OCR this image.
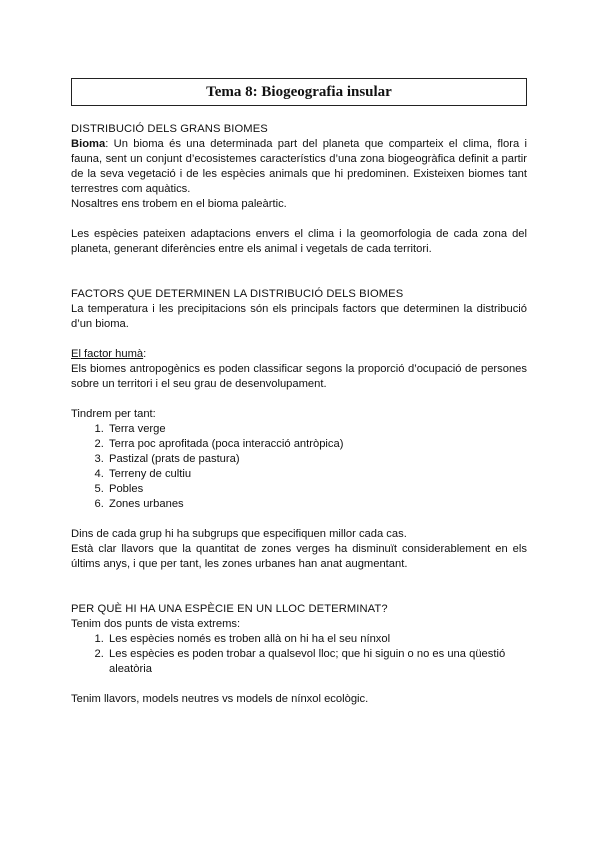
Tema 8: Biogeografia insular
DISTRIBUCIÓ DELS GRANS BIOMES

Bioma: Un bioma és una determinada part del planeta que comparteix el clima, flora i fauna, sent un conjunt d’ecosistemes característics d’una zona biogeogràfica definit a partir de la seva vegetació i de les espècies animals que hi predominen. Existeixen biomes tant terrestres com aquàtics.

Nosaltres ens trobem en el bioma paleàrtic.

Les espècies pateixen adaptacions envers el clima i la geomorfologia de cada zona del planeta, generant diferències entre els animal i vegetals de cada territori.

FACTORS QUE DETERMINEN LA DISTRIBUCIÓ DELS BIOMES

La temperatura i les precipitacions són els principals factors que determinen la distribució d’un bioma.

El factor humà:

Els biomes antropogènics es poden classificar segons la proporció d’ocupació de persones sobre un territori i el seu grau de desenvolupament.

Tindrem per tant:

1. Terra verge
2. Terra poc aprofitada (poca interacció antròpica)
3. Pastizal (prats de pastura)
4. Terreny de cultiu
5. Pobles
6. Zones urbanes

Dins de cada grup hi ha subgrups que especifiquen millor cada cas.

Està clar llavors que la quantitat de zones verges ha disminuït considerablement en els últims anys, i que per tant, les zones urbanes han anat augmentant.

PER QUÈ HI HA UNA ESPÈCIE EN UN LLOC DETERMINAT?

Tenim dos punts de vista extrems:

1. Les espècies només es troben allà on hi ha el seu nínxol
2. Les espècies es poden trobar a qualsevol lloc; que hi siguin o no es una qüestió aleatòria

Tenim llavors, models neutres vs models de nínxol ecològic.
